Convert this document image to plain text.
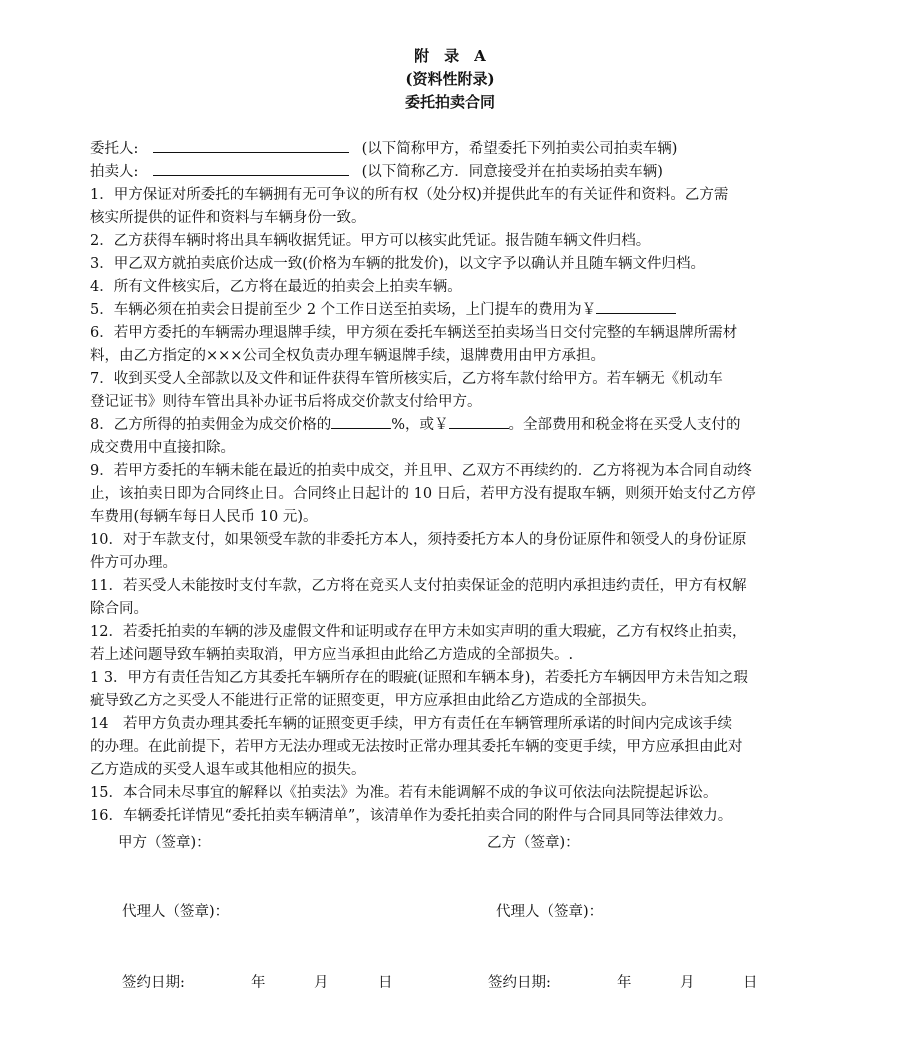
附　录　A
(资料性附录)
委托拍卖合同
委托人:	(以下简称甲方，希望委托下列拍卖公司拍卖车辆)
拍卖人:	(以下简称乙方．同意接受并在拍卖场拍卖车辆)
1．甲方保证对所委托的车辆拥有无可争议的所有权（处分权)并提供此车的有关证件和资料。乙方需
核实所提供的证件和资料与车辆身份一致。
2．乙方获得车辆时将出具车辆收据凭证。甲方可以核实此凭证。报告随车辆文件归档。
3．甲乙双方就拍卖底价达成一致(价格为车辆的批发价)，以文字予以确认并且随车辆文件归档。
4．所有文件核实后，乙方将在最近的拍卖会上拍卖车辆。
5．车辆必须在拍卖会日提前至少 2 个工作日送至拍卖场，上门提车的费用为￥
6．若甲方委托的车辆需办理退牌手续，甲方须在委托车辆送至拍卖场当日交付完整的车辆退牌所需材
料，由乙方指定的×××公司全权负责办理车辆退牌手续，退牌费用由甲方承担。
7．收到买受人全部款以及文件和证件获得车管所核实后，乙方将车款付给甲方。若车辆无《机动车
登记证书》则待车管出具补办证书后将成交价款支付给甲方。
8．乙方所得的拍卖佣金为成交价格的	%，或￥	。全部费用和税金将在买受人支付的
成交费用中直接扣除。
9．若甲方委托的车辆未能在最近的拍卖中成交，并且甲、乙双方不再续约的．乙方将视为本合同自动终
止，该拍卖日即为合同终止日。合同终止日起计的 10 日后，若甲方没有提取车辆，则须开始支付乙方停
车费用(每辆车每日人民币 10 元)。
10．对于车款支付，如果领受车款的非委托方本人，须持委托方本人的身份证原件和领受人的身份证原
件方可办理。
11．若买受人未能按时支付车款，乙方将在竞买人支付拍卖保证金的范明内承担违约责任，甲方有权解
除合同。
12．若委托拍卖的车辆的涉及虚假文件和证明或存在甲方未如实声明的重大瑕疵，乙方有权终止拍卖，
若上述问题导致车辆拍卖取消，甲方应当承担由此给乙方造成的全部损失。.
1 3．甲方有责任告知乙方其委托车辆所存在的暇疵(证照和车辆本身)，若委托方车辆因甲方未告知之瑕
疵导致乙方之买受人不能进行正常的证照变更，甲方应承担由此给乙方造成的全部损失。
14　若甲方负责办理其委托车辆的证照变更手续，甲方有责任在车辆管理所承诺的时间内完成该手续
的办理。在此前提下，若甲方无法办理或无法按时正常办理其委托车辆的变更手续，甲方应承担由此对
乙方造成的买受人退车或其他相应的损失。
15．本合同未尽事宜的解释以《拍卖法》为准。若有未能调解不成的争议可依法向法院提起诉讼。
16．车辆委托详情见“委托拍卖车辆清单”，该清单作为委托拍卖合同的附件与合同具同等法律效力。
甲方（签章)：	乙方（签章)：
代理人（签章)：	代理人（签章)：
签约日期:	年	月	日	签约日期:	年	月	日
